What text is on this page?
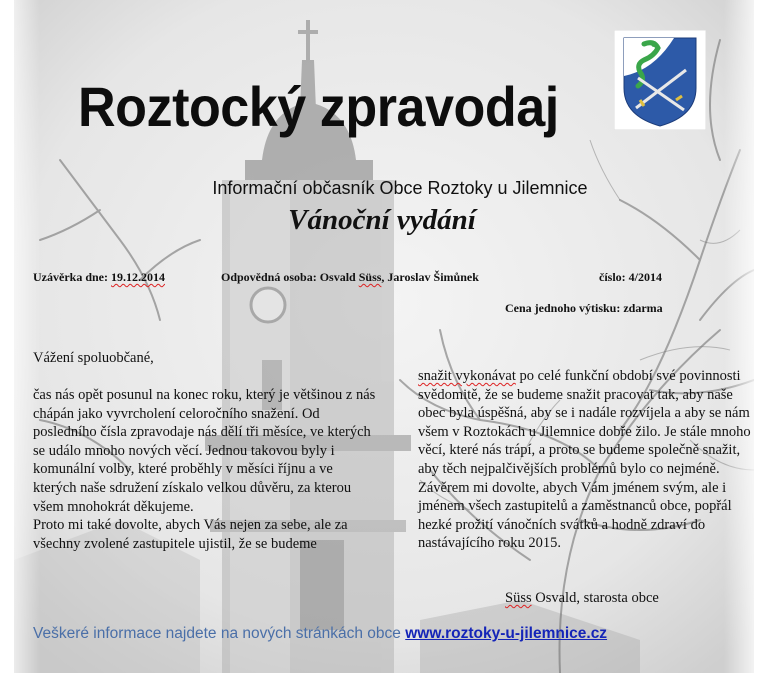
Roztocký zpravodaj
Informační občasník Obce Roztoky u Jilemnice
Vánoční vydání
Uzávěrka dne: 19.12.2014	Odpovědná osoba: Osvald Süss, Jaroslav Šimůnek	číslo: 4/2014
Cena jednoho výtisku: zdarma
Vážení spoluobčané,

čas nás opět posunul na konec roku, který je většinou z nás chápán jako vyvrcholení celoročního snažení. Od posledního čísla zpravodaje nás dělí tři měsíce, ve kterých se událo mnoho nových věcí. Jednou takovou byly i komunální volby, které proběhly v měsíci říjnu a ve kterých naše sdružení získalo velkou důvěru, za kterou všem mnohokrát děkujeme.

Proto mi také dovolte, abych Vás nejen za sebe, ale za všechny zvolené zastupitele ujistil, že se budeme

snažit vykonávat po celé funkční období své povinnosti svědomitě, že se budeme snažit pracovat tak, aby naše obec byla úspěšná, aby se i nadále rozvíjela a aby se nám všem v Roztokách u Jilemnice dobře žilo. Je stále mnoho věcí, které nás trápí, a proto se budeme společně snažit, aby těch nejpalčivějších problémů bylo co nejméně. Závěrem mi dovolte, abych Vám jménem svým, ale i jménem všech zastupitelů a zaměstnanců obce, popřál hezké prožití vánočních svátků a hodně zdraví do nastávajícího roku 2015.

Süss Osvald, starosta obce
Veškeré informace najdete na nových stránkách obce www.roztoky-u-jilemnice.cz
